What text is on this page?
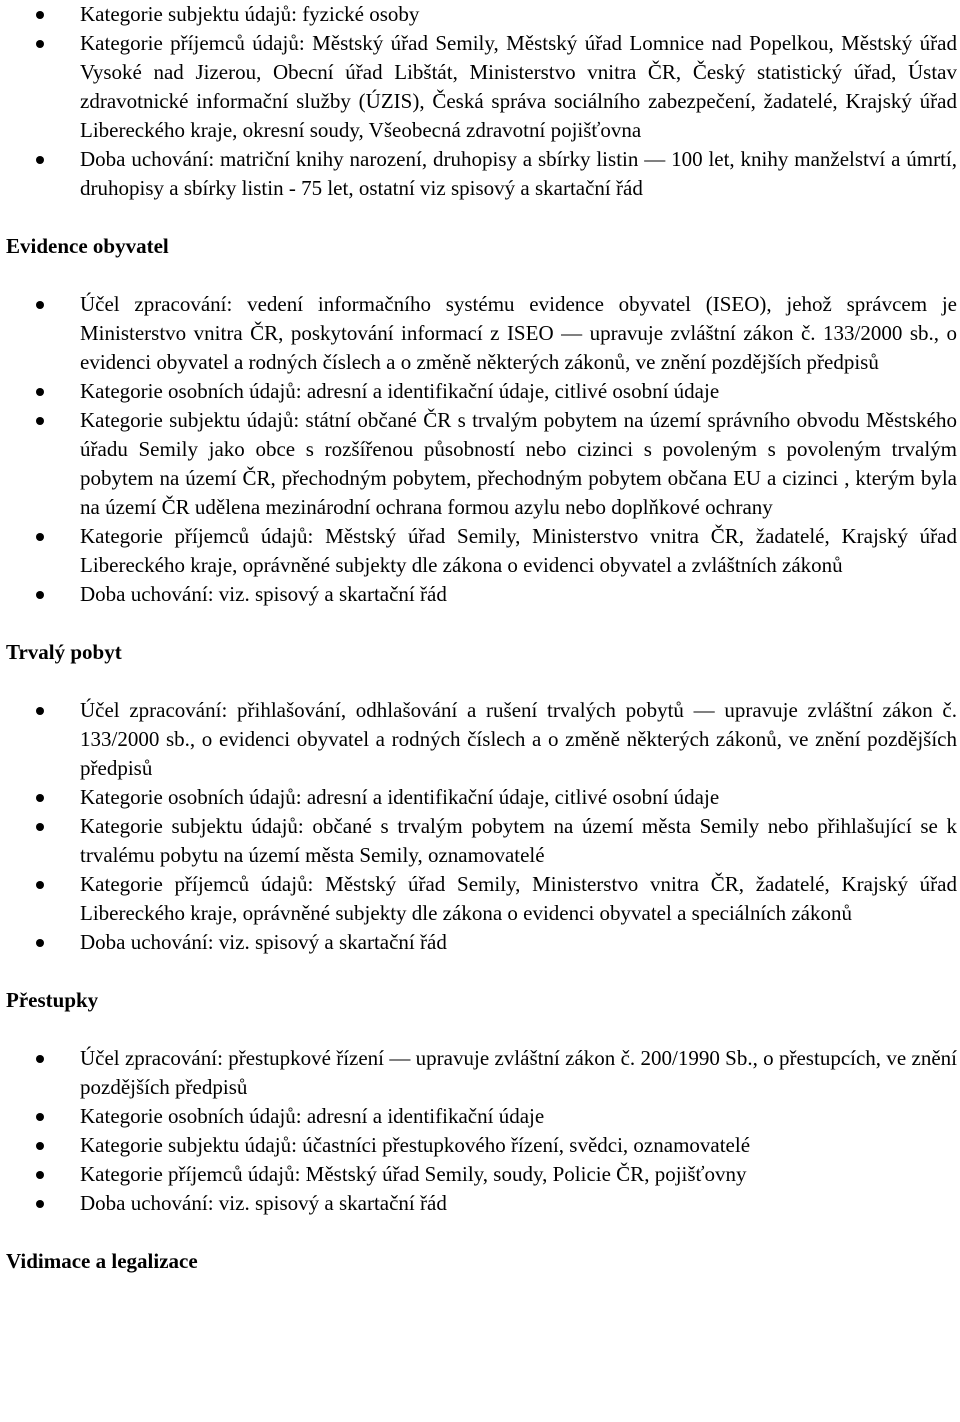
Kategorie subjektu údajů: fyzické osoby
Kategorie příjemců údajů: Městský úřad Semily, Městský úřad Lomnice nad Popelkou, Městský úřad Vysoké nad Jizerou, Obecní úřad Libštát, Ministerstvo vnitra ČR, Český statistický úřad, Ústav zdravotnické informační služby (ÚZIS), Česká správa sociálního zabezpečení, žadatelé, Krajský úřad Libereckého kraje, okresní soudy, Všeobecná zdravotní pojišťovna
Doba uchování: matriční knihy narození, druhopisy a sbírky listin — 100 let, knihy manželství a úmrtí, druhopisy a sbírky listin - 75 let, ostatní viz spisový a skartační řád
Evidence obyvatel
Účel zpracování: vedení informačního systému evidence obyvatel (ISEO), jehož správcem je Ministerstvo vnitra ČR, poskytování informací z ISEO — upravuje zvláštní zákon č. 133/2000 sb., o evidenci obyvatel a rodných číslech a o změně některých zákonů, ve znění pozdějších předpisů
Kategorie osobních údajů: adresní a identifikační údaje, citlivé osobní údaje
Kategorie subjektu údajů: státní občané ČR s trvalým pobytem na území správního obvodu Městského úřadu Semily jako obce s rozšířenou působností nebo cizinci s povoleným s povoleným trvalým pobytem na území ČR, přechodným pobytem, přechodným pobytem občana EU a cizinci , kterým byla na území ČR udělena mezinárodní ochrana formou azylu nebo doplňkové ochrany
Kategorie příjemců údajů: Městský úřad Semily, Ministerstvo vnitra ČR, žadatelé, Krajský úřad Libereckého kraje, oprávněné subjekty dle zákona o evidenci obyvatel a zvláštních zákonů
Doba uchování: viz. spisový a skartační řád
Trvalý pobyt
Účel zpracování: přihlašování, odhlašování a rušení trvalých pobytů — upravuje zvláštní zákon č. 133/2000 sb., o evidenci obyvatel a rodných číslech a o změně některých zákonů, ve znění pozdějších předpisů
Kategorie osobních údajů: adresní a identifikační údaje, citlivé osobní údaje
Kategorie subjektu údajů: občané s trvalým pobytem na území města Semily nebo přihlašující se k trvalému pobytu na území města Semily, oznamovatelé
Kategorie příjemců údajů: Městský úřad Semily, Ministerstvo vnitra ČR, žadatelé, Krajský úřad Libereckého kraje, oprávněné subjekty dle zákona o evidenci obyvatel a speciálních zákonů
Doba uchování: viz. spisový a skartační řád
Přestupky
Účel zpracování: přestupkové řízení — upravuje zvláštní zákon č. 200/1990 Sb., o přestupcích, ve znění pozdějších předpisů
Kategorie osobních údajů: adresní a identifikační údaje
Kategorie subjektu údajů: účastníci přestupkového řízení, svědci, oznamovatelé
Kategorie příjemců údajů: Městský úřad Semily, soudy, Policie ČR, pojišťovny
Doba uchování: viz. spisový a skartační řád
Vidimace a legalizace
